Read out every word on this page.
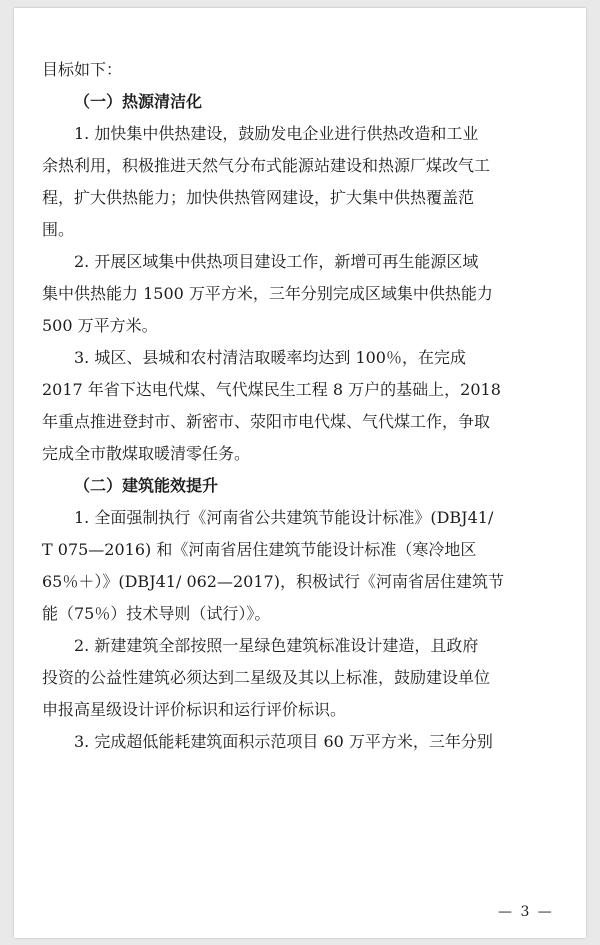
目标如下：
（一）热源清洁化
1. 加快集中供热建设，鼓励发电企业进行供热改造和工业
余热利用，积极推进天然气分布式能源站建设和热源厂煤改气工
程，扩大供热能力；加快供热管网建设，扩大集中供热覆盖范
围。
2. 开展区域集中供热项目建设工作，新增可再生能源区域
集中供热能力 1500 万平方米，三年分别完成区域集中供热能力
500 万平方米。
3. 城区、县城和农村清洁取暖率均达到 100％，在完成
2017 年省下达电代煤、气代煤民生工程 8 万户的基础上，2018
年重点推进登封市、新密市、荥阳市电代煤、气代煤工作，争取
完成全市散煤取暖清零任务。
（二）建筑能效提升
1. 全面强制执行《河南省公共建筑节能设计标准》(DBJ41/
T 075—2016) 和《河南省居住建筑节能设计标准（寒冷地区
65％＋）》(DBJ41/ 062—2017)，积极试行《河南省居住建筑节
能（75％）技术导则（试行）》。
2. 新建建筑全部按照一星绿色建筑标准设计建造，且政府
投资的公益性建筑必须达到二星级及其以上标准，鼓励建设单位
申报高星级设计评价标识和运行评价标识。
3. 完成超低能耗建筑面积示范项目 60 万平方米，三年分别
— 3 —
